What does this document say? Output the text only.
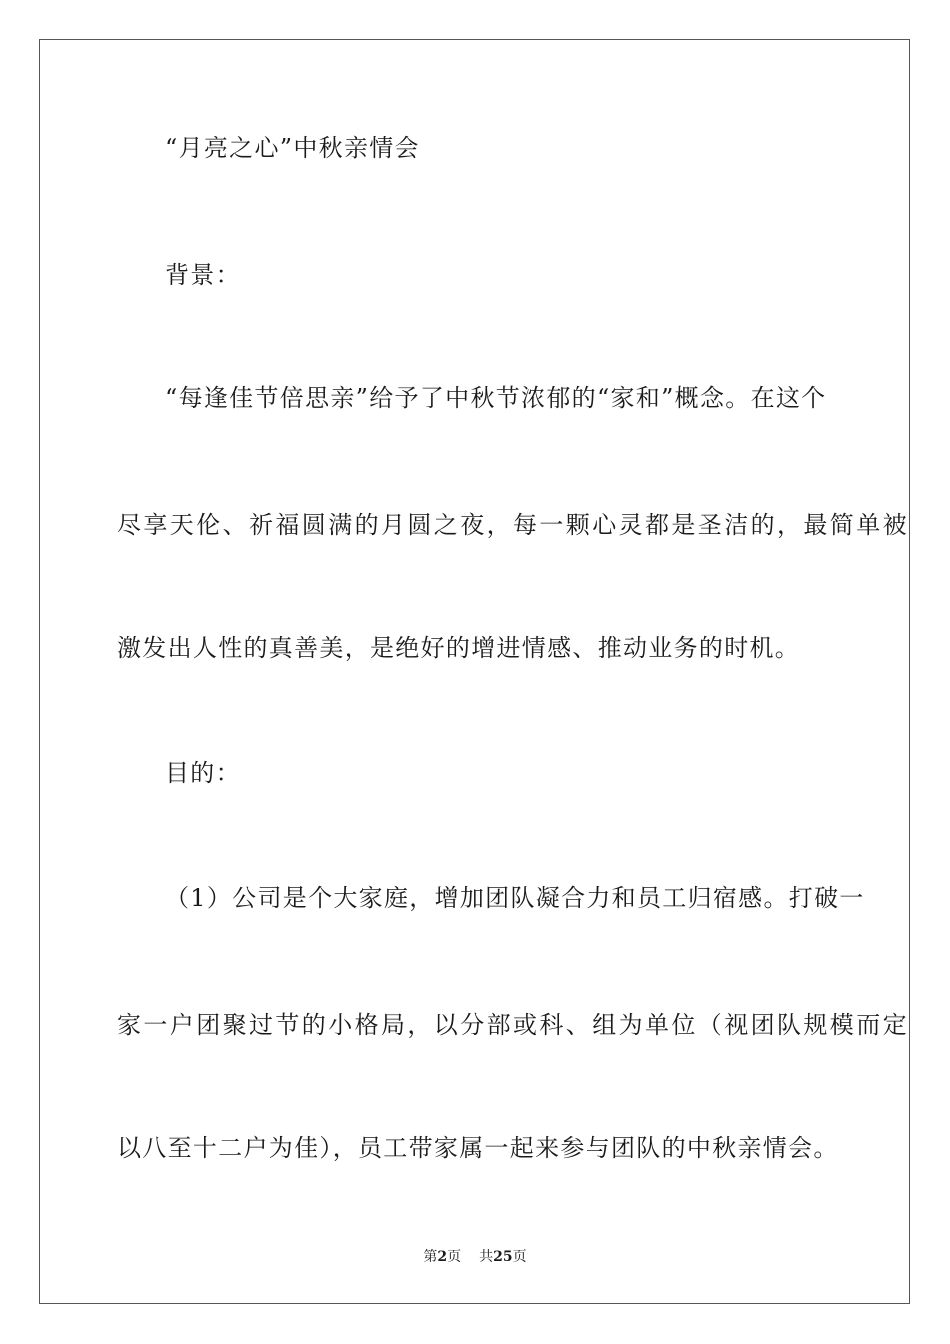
“月亮之心”中秋亲情会
背景：
“每逢佳节倍思亲”给予了中秋节浓郁的“家和”概念。在这个
尽享天伦、祈福圆满的月圆之夜，每一颗心灵都是圣洁的，最简单被
激发出人性的真善美，是绝好的增进情感、推动业务的时机。
目的：
（1）公司是个大家庭，增加团队凝合力和员工归宿感。打破一
家一户团聚过节的小格局，以分部或科、组为单位（视团队规模而定
以八至十二户为佳），员工带家属一起来参与团队的中秋亲情会。
第2页 共25页
